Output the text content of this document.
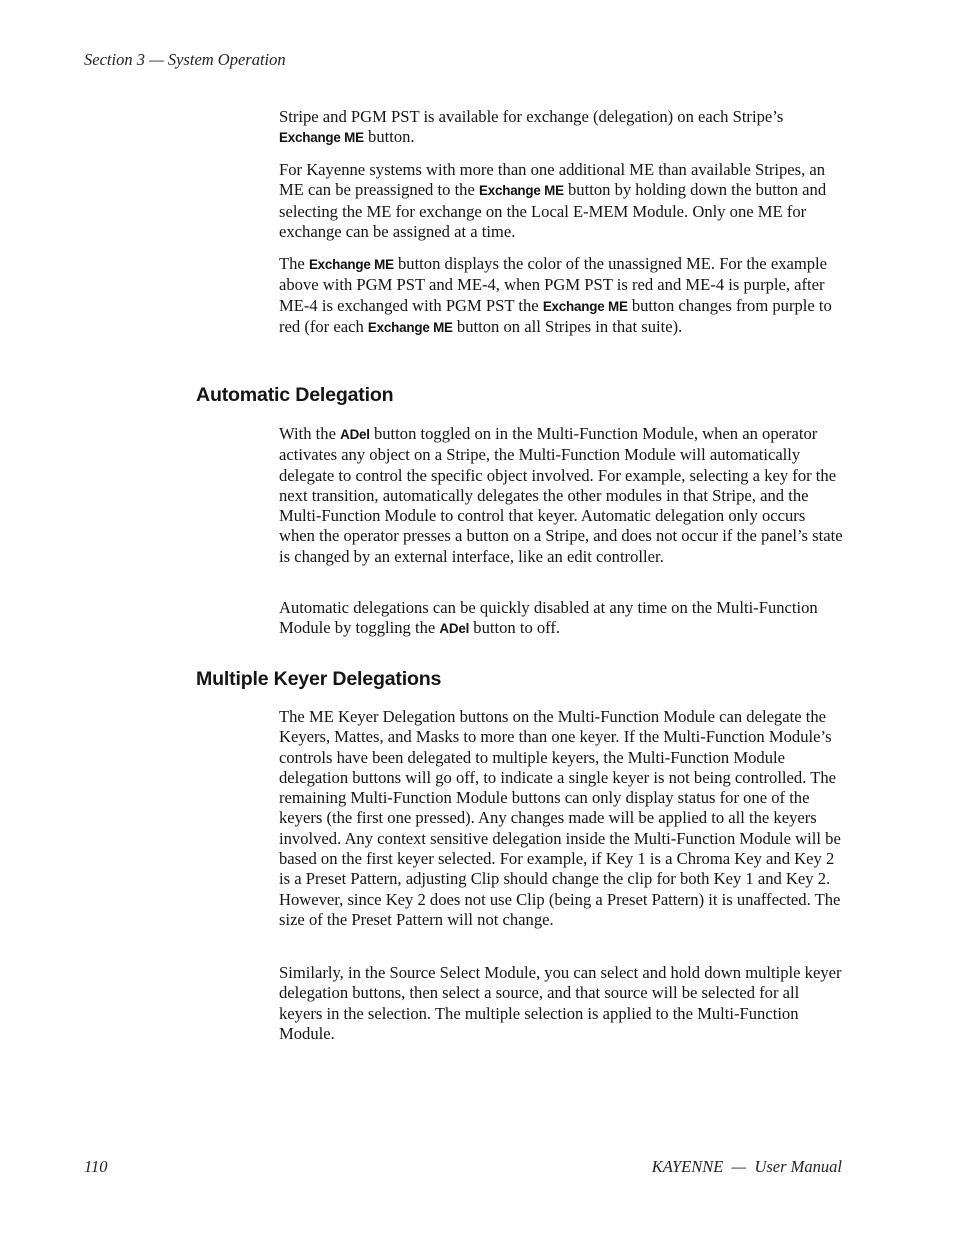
Section 3 — System Operation

Stripe and PGM PST is available for exchange (delegation) on each Stripe’s Exchange ME button.

For Kayenne systems with more than one additional ME than available Stripes, an ME can be preassigned to the Exchange ME button by holding down the button and selecting the ME for exchange on the Local E-MEM Module. Only one ME for exchange can be assigned at a time.

The Exchange ME button displays the color of the unassigned ME. For the example above with PGM PST and ME-4, when PGM PST is red and ME-4 is purple, after ME-4 is exchanged with PGM PST the Exchange ME button changes from purple to red (for each Exchange ME button on all Stripes in that suite).

Automatic Delegation

With the ADel button toggled on in the Multi-Function Module, when an operator activates any object on a Stripe, the Multi-Function Module will automatically delegate to control the specific object involved. For example, selecting a key for the next transition, automatically delegates the other modules in that Stripe, and the Multi-Function Module to control that keyer. Automatic delegation only occurs when the operator presses a button on a Stripe, and does not occur if the panel’s state is changed by an external interface, like an edit controller.

Automatic delegations can be quickly disabled at any time on the Multi-Function Module by toggling the ADel button to off.

Multiple Keyer Delegations

The ME Keyer Delegation buttons on the Multi-Function Module can delegate the Keyers, Mattes, and Masks to more than one keyer. If the Multi-Function Module’s controls have been delegated to multiple keyers, the Multi-Function Module delegation buttons will go off, to indicate a single keyer is not being controlled. The remaining Multi-Function Module buttons can only display status for one of the keyers (the first one pressed). Any changes made will be applied to all the keyers involved. Any context sensitive delegation inside the Multi-Function Module will be based on the first keyer selected. For example, if Key 1 is a Chroma Key and Key 2 is a Preset Pattern, adjusting Clip should change the clip for both Key 1 and Key 2. However, since Key 2 does not use Clip (being a Preset Pattern) it is unaffected. The size of the Preset Pattern will not change.

Similarly, in the Source Select Module, you can select and hold down multiple keyer delegation buttons, then select a source, and that source will be selected for all keyers in the selection. The multiple selection is applied to the Multi-Function Module.

110	KAYENNE  —  User Manual
